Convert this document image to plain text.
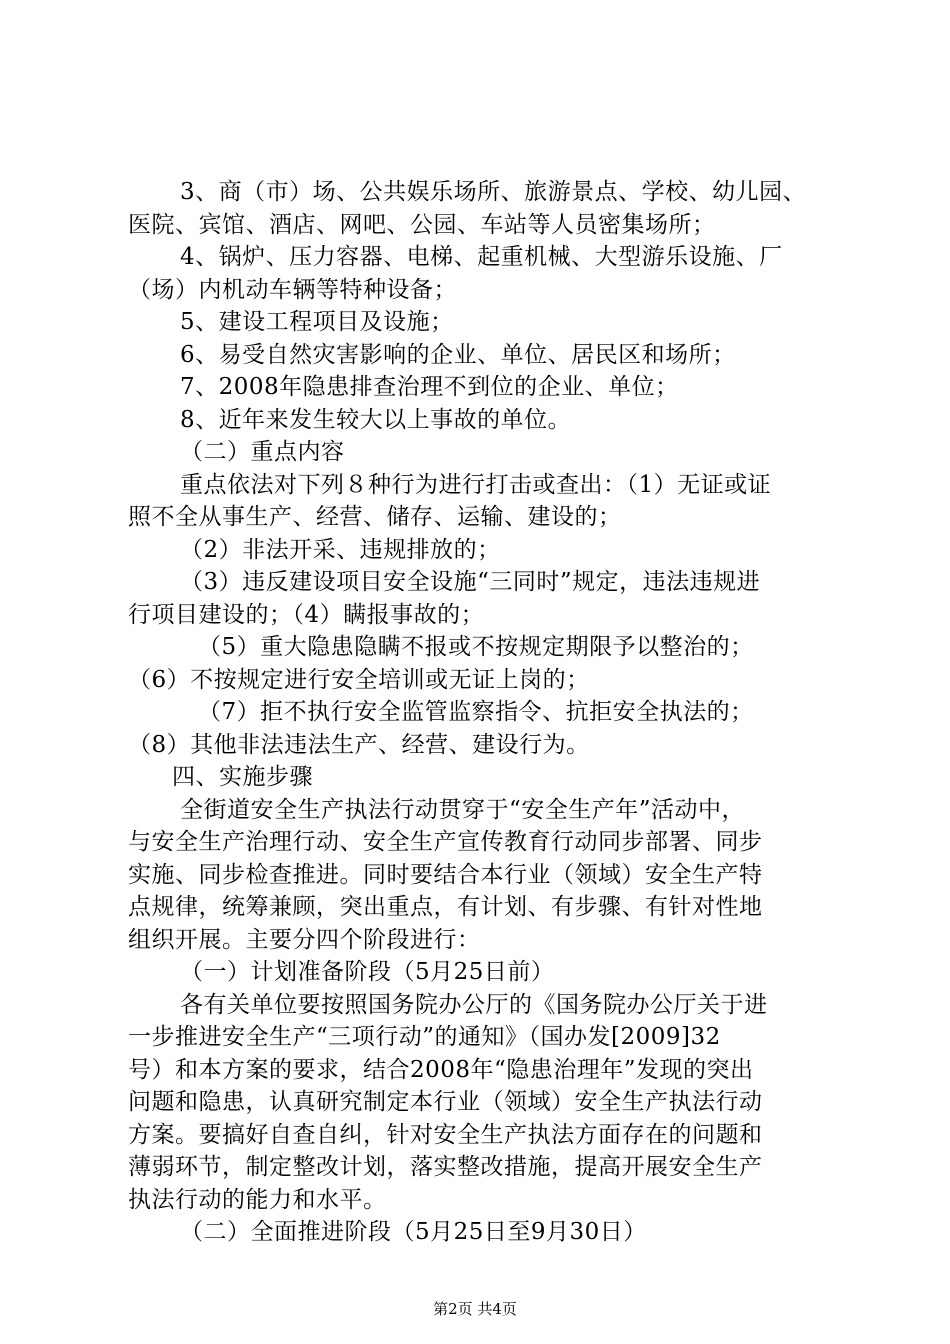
3、商（市）场、公共娱乐场所、旅游景点、学校、幼儿园、
医院、宾馆、酒店、网吧、公园、车站等人员密集场所；
4、锅炉、压力容器、电梯、起重机械、大型游乐设施、厂
（场）内机动车辆等特种设备；
5、建设工程项目及设施；
6、易受自然灾害影响的企业、单位、居民区和场所；
7、2008年隐患排查治理不到位的企业、单位；
8、近年来发生较大以上事故的单位。
（二）重点内容
重点依法对下列８种行为进行打击或查出：（1）无证或证
照不全从事生产、经营、储存、运输、建设的；
（2）非法开采、违规排放的；
（3）违反建设项目安全设施“三同时”规定，违法违规进
行项目建设的；（4）瞒报事故的；
（5）重大隐患隐瞒不报或不按规定期限予以整治的；
（6）不按规定进行安全培训或无证上岗的；
（7）拒不执行安全监管监察指令、抗拒安全执法的；
（8）其他非法违法生产、经营、建设行为。
四、实施步骤
全街道安全生产执法行动贯穿于“安全生产年”活动中，
与安全生产治理行动、安全生产宣传教育行动同步部署、同步
实施、同步检查推进。同时要结合本行业（领域）安全生产特
点规律，统筹兼顾，突出重点，有计划、有步骤、有针对性地
组织开展。主要分四个阶段进行：
（一）计划准备阶段（5月25日前）
各有关单位要按照国务院办公厅的《国务院办公厅关于进
一步推进安全生产“三项行动”的通知》（国办发[2009]32
号）和本方案的要求，结合2008年“隐患治理年”发现的突出
问题和隐患，认真研究制定本行业（领域）安全生产执法行动
方案。要搞好自查自纠，针对安全生产执法方面存在的问题和
薄弱环节，制定整改计划，落实整改措施，提高开展安全生产
执法行动的能力和水平。
（二）全面推进阶段（5月25日至9月30日）
第2页 共4页
